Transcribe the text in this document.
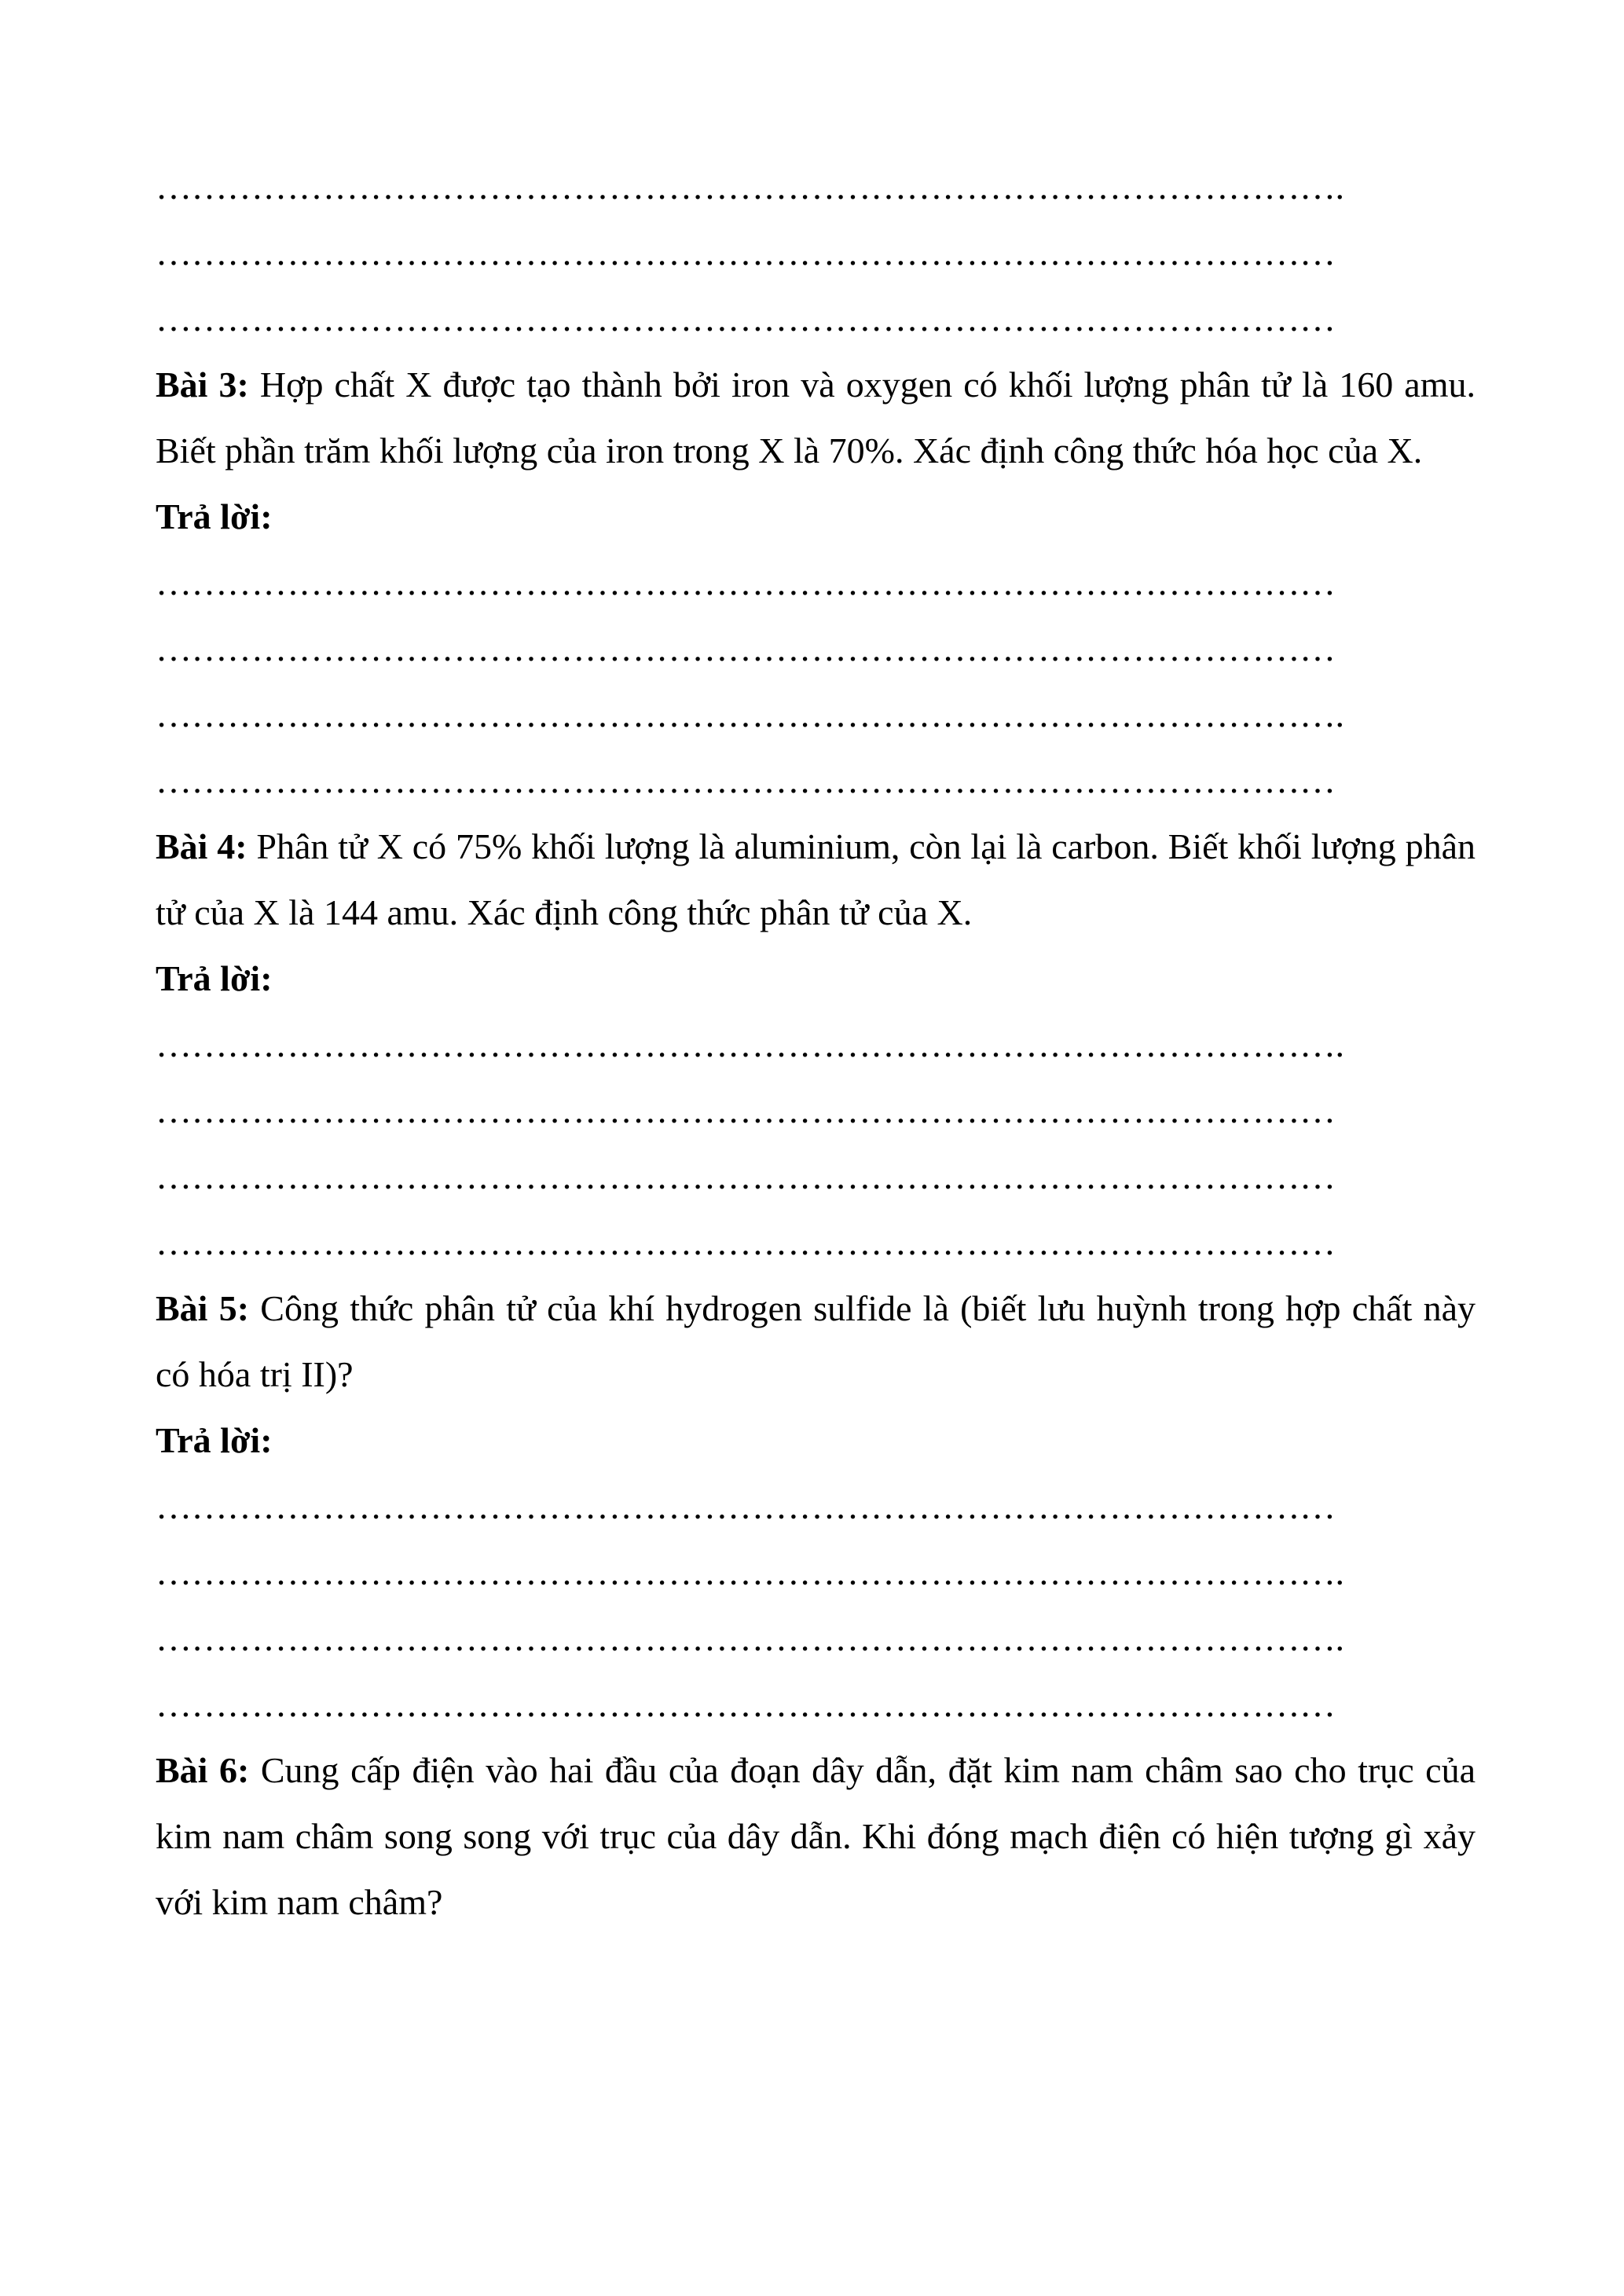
……………………………………………………………………………………….
………………………………………………………………………………………
………………………………………………………………………………………

Bài 3: Hợp chất X được tạo thành bởi iron và oxygen có khối lượng phân tử là 160 amu. Biết phần trăm khối lượng của iron trong X là 70%. Xác định công thức hóa học của X.

Trả lời:
………………………………………………………………………………………
………………………………………………………………………………………
……………………………………………………………………………………….
………………………………………………………………………………………

Bài 4: Phân tử X có 75% khối lượng là aluminium, còn lại là carbon. Biết khối lượng phân tử của X là 144 amu. Xác định công thức phân tử của X.

Trả lời:
……………………………………………………………………………………….
………………………………………………………………………………………
………………………………………………………………………………………
………………………………………………………………………………………

Bài 5: Công thức phân tử của khí hydrogen sulfide là (biết lưu huỳnh trong hợp chất này có hóa trị II)?

Trả lời:
………………………………………………………………………………………
……………………………………………………………………………………….
……………………………………………………………………………………….
………………………………………………………………………………………

Bài 6: Cung cấp điện vào hai đầu của đoạn dây dẫn, đặt kim nam châm sao cho trục của kim nam châm song song với trục của dây dẫn. Khi đóng mạch điện có hiện tượng gì xảy với kim nam châm?
